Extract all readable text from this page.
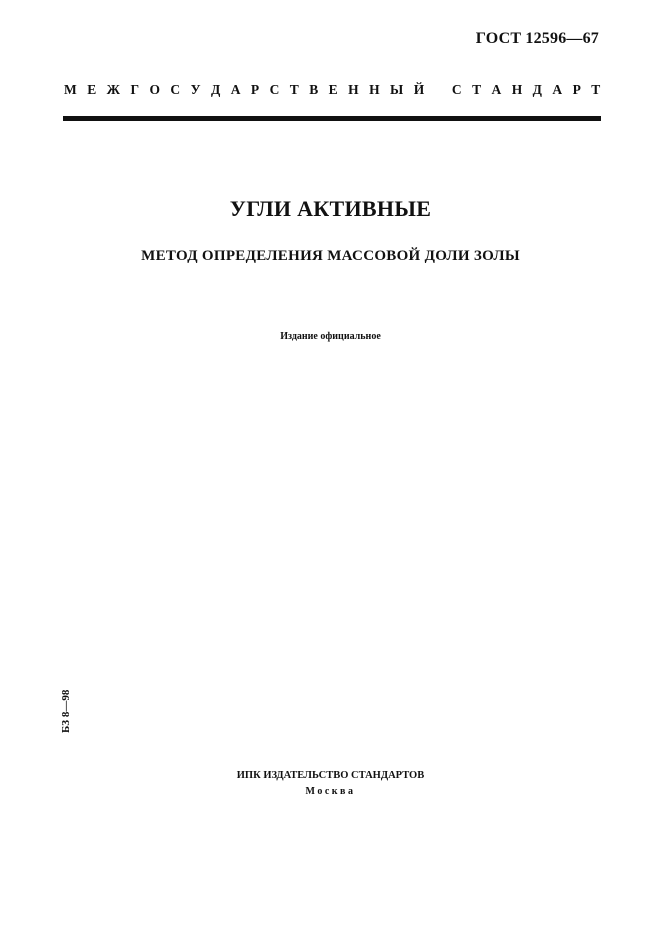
ГОСТ 12596—67
М Е Ж Г О С У Д А Р С Т В Е Н Н Ы Й С Т А Н Д А Р Т
УГЛИ АКТИВНЫЕ
МЕТОД ОПРЕДЕЛЕНИЯ МАССОВОЙ ДОЛИ ЗОЛЫ
Издание официальное
БЗ 8—98
ИПК ИЗДАТЕЛЬСТВО СТАНДАРТОВ
Москва
